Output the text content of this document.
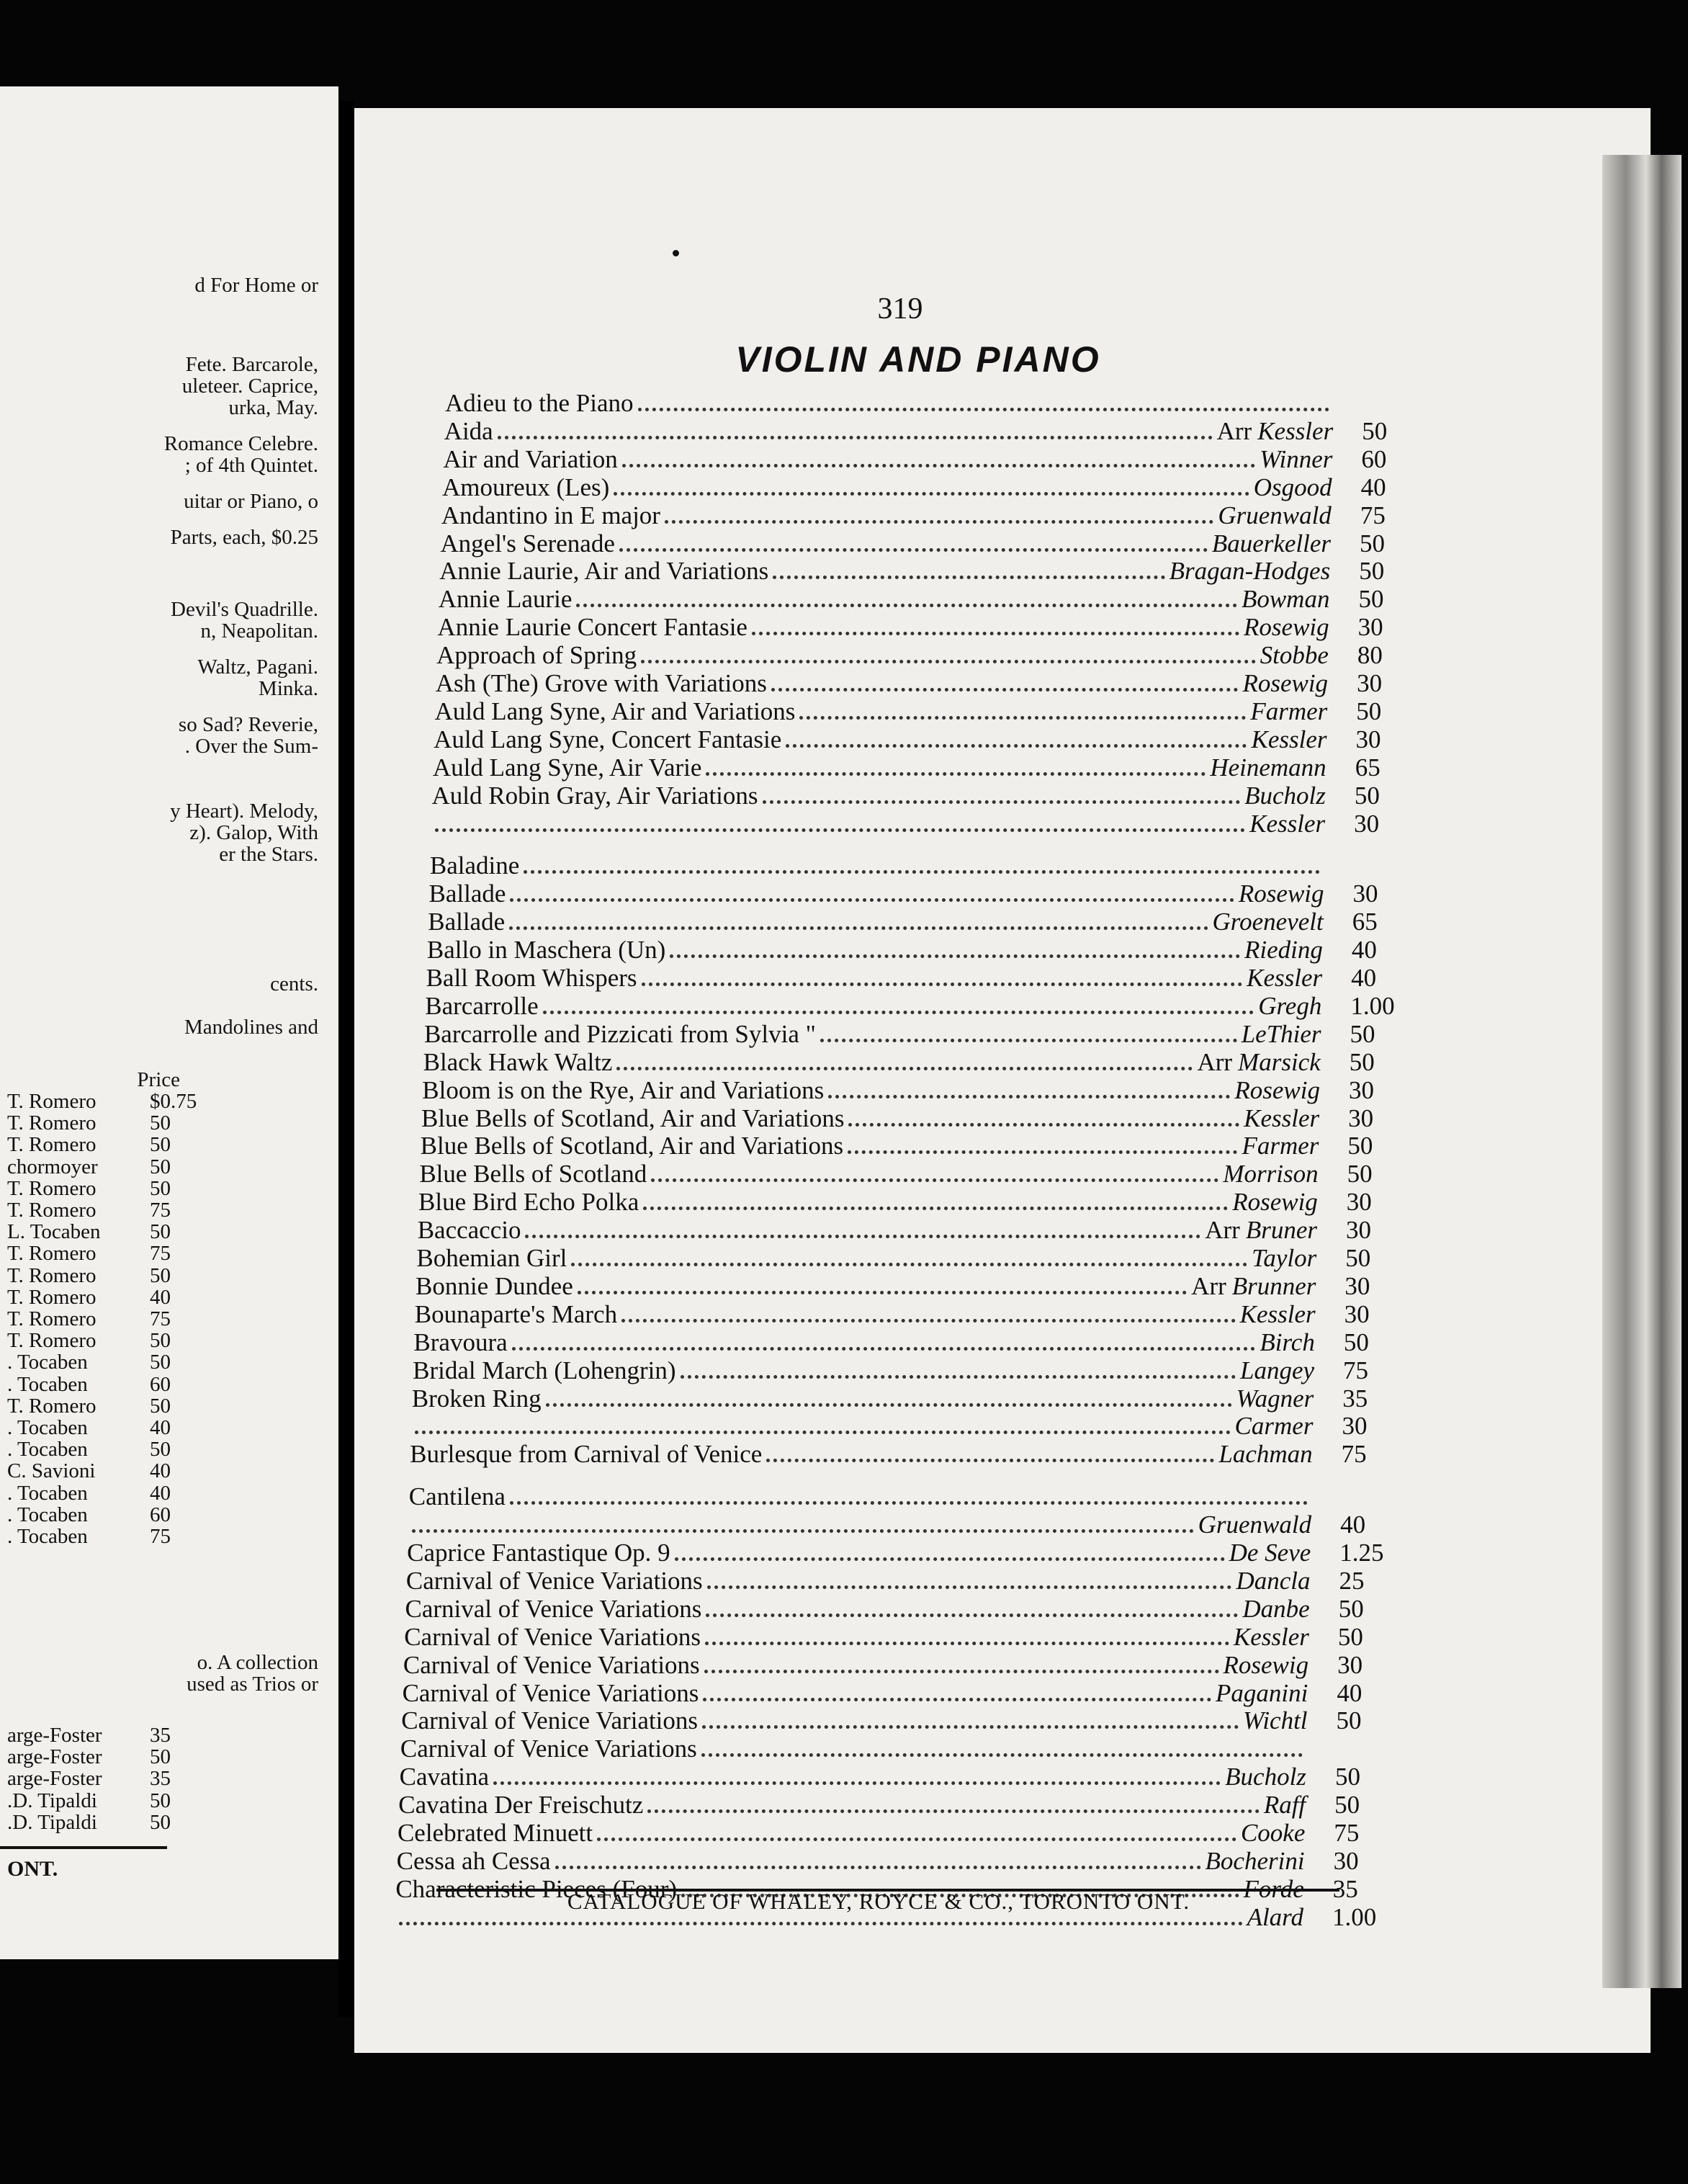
d For Home or
Fete. Barcarole,
uleteer. Caprice,
urka, May.
Romance Celebre.
; of 4th Quintet.
uitar or Piano, o
Parts, each, $0.25
Devil's Quadrille.
n, Neapolitan.
Waltz, Pagani.
Minka.
so Sad? Reverie,
. Over the Sum-
y Heart). Melody,
z). Galop, With
er the Stars.
cents.
Mandolines and
Price
T. Romero	$0.75
T. Romero	50
T. Romero	50
chormoyer 50
T. Romero	50
T. Romero	75
L. Tocaben 50
T. Romero	75
T. Romero	50
T. Romero	40
T. Romero	75
T. Romero	50
. Tocaben	50
. Tocaben	60
T. Romero	50
. Tocaben	40
. Tocaben	50
C. Savioni	40
. Tocaben	40
. Tocaben	60
. Tocaben	75
o. A collection
used as Trios or
arge-Foster 35
arge-Foster 50
arge-Foster 35
.D. Tipaldi	50
.D. Tipaldi	50
ONT.
319
VIOLIN AND PIANO
Adieu to the Piano
Aida	Arr Kessler 50
Air and Variation	Winner 60
Amoureux (Les)	Osgood 40
Andantino in E major	Gruenwald 75
Angel's Serenade	Bauerkeller 50
Annie Laurie, Air and Variations	Bragan-Hodges 50
Annie Laurie	Bowman 50
Annie Laurie Concert Fantasie	Rosewig 30
Approach of Spring	Stobbe 80
Ash (The) Grove with Variations	Rosewig 30
Auld Lang Syne, Air and Variations	Farmer 50
Auld Lang Syne, Concert Fantasie	Kessler 30
Auld Lang Syne, Air Varie	Heinemann 65
Auld Robin Gray, Air Variations	Bucholz 50
Kessler 30
Baladine
Ballade	Rosewig 30
Ballade	Groenevelt 65
Ballo in Maschera (Un)	Rieding 40
Ball Room Whispers	Kessler 40
Barcarrolle	Gregh 1.00
Barcarrolle and Pizzicati from Sylvia "	LeThier 50
Black Hawk Waltz	Arr Marsick 50
Bloom is on the Rye, Air and Variations	Rosewig 30
Blue Bells of Scotland, Air and Variations	Kessler 30
Blue Bells of Scotland, Air and Variations	Farmer 50
Blue Bells of Scotland	Morrison 50
Blue Bird Echo Polka	Rosewig 30
Baccaccio	Arr Bruner 30
Bohemian Girl	Taylor 50
Bonnie Dundee	Arr Brunner 30
Bounaparte's March	Kessler 30
Bravoura	Birch 50
Bridal March (Lohengrin)	Langey 75
Broken Ring	Wagner 35
Carmer 30
Burlesque from Carnival of Venice	Lachman 75
Cantilena
Gruenwald 40
Caprice Fantastique Op. 9	De Seve 1.25
Carnival of Venice Variations	Dancla 25
Carnival of Venice Variations	Danbe 50
Carnival of Venice Variations	Kessler 50
Carnival of Venice Variations	Rosewig 30
Carnival of Venice Variations	Paganini 40
Carnival of Venice Variations	Wichtl 50
Carnival of Venice Variations
Cavatina	Bucholz 50
Cavatina Der Freischutz	Raff 50
Celebrated Minuett	Cooke 75
Cessa ah Cessa	Bocherini 30
Characteristic Pieces (Four)	Forde 35
Alard 1.00
CATALOGUE OF WHALEY, ROYCE & CO., TORONTO ONT.
